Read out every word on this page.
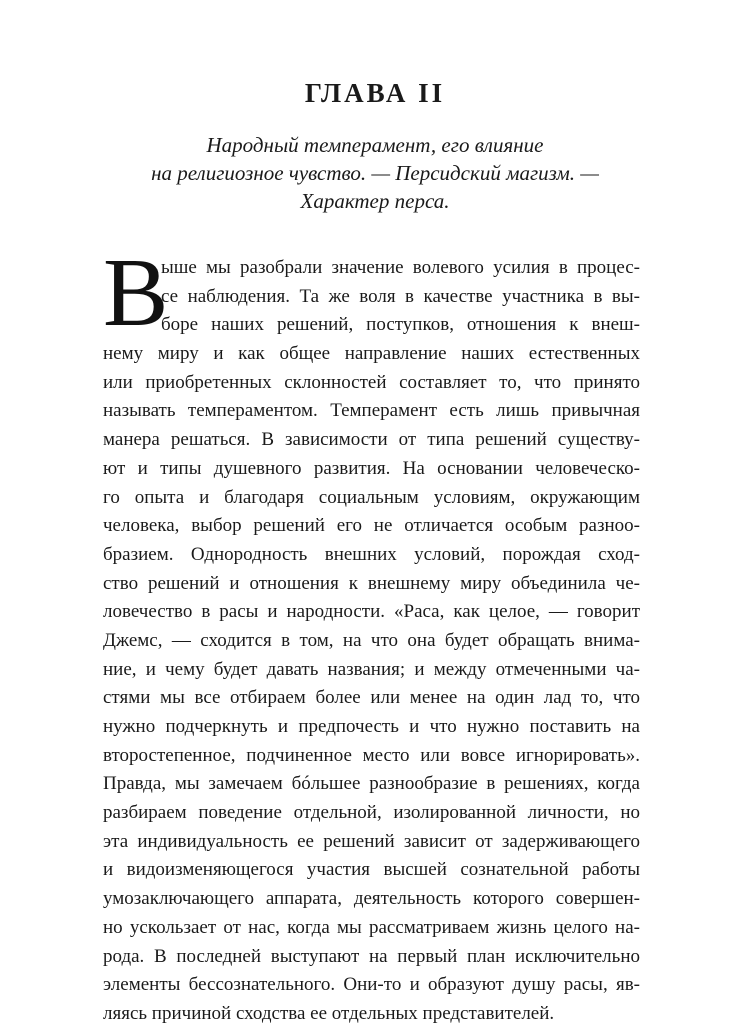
ГЛАВА II
Народный темперамент, его влияние
на религиозное чувство. — Персидский магизм. —
Характер перса.
В
ыше мы разобрали значение волевого усилия в процес-
се наблюдения. Та же воля в качестве участника в вы-
боре наших решений, поступков, отношения к внеш-
нему миру и как общее направление наших естественных
или приобретенных склонностей составляет то, что принято
называть темпераментом. Темперамент есть лишь привычная
манера решаться. В зависимости от типа решений существу-
ют и типы душевного развития. На основании человеческо-
го опыта и благодаря социальным условиям, окружающим
человека, выбор решений его не отличается особым разноо-
бразием. Однородность внешних условий, порождая сход-
ство решений и отношения к внешнему миру объединила че-
ловечество в расы и народности. «Раса, как целое, — говорит
Джемс, — сходится в том, на что она будет обращать внима-
ние, и чему будет давать названия; и между отмеченными ча-
стями мы все отбираем более или менее на один лад то, что
нужно подчеркнуть и предпочесть и что нужно поставить на
второстепенное, подчиненное место или вовсе игнорировать».
Правда, мы замечаем бóльшее разнообразие в решениях, когда
разбираем поведение отдельной, изолированной личности, но
эта индивидуальность ее решений зависит от задерживающего
и видоизменяющегося участия высшей сознательной работы
умозаключающего аппарата, деятельность которого совершен-
но ускользает от нас, когда мы рассматриваем жизнь целого на-
рода. В последней выступают на первый план исключительно
элементы бессознательного. Они-то и образуют душу расы, яв-
ляясь причиной сходства ее отдельных представителей.
